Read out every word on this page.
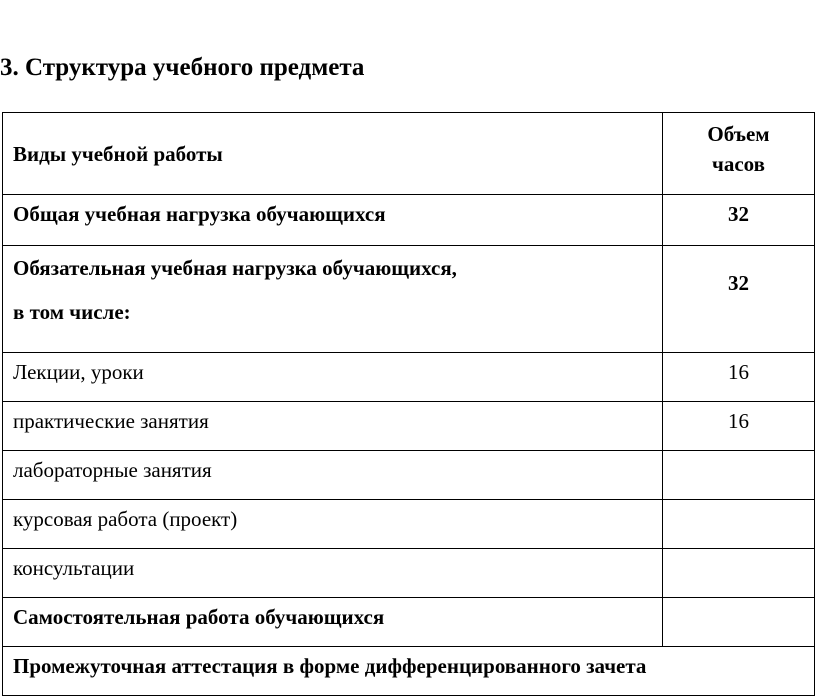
3. Структура учебного предмета
Виды учебной работы	Объем
часов
Общая учебная нагрузка обучающихся	32
Обязательная учебная нагрузка обучающихся,
в том числе:	32
Лекции, уроки	16
практические занятия	16
лабораторные занятия	
курсовая работа (проект)	
консультации	
Самостоятельная работа обучающихся	
Промежуточная аттестация в форме дифференцированного зачета	
